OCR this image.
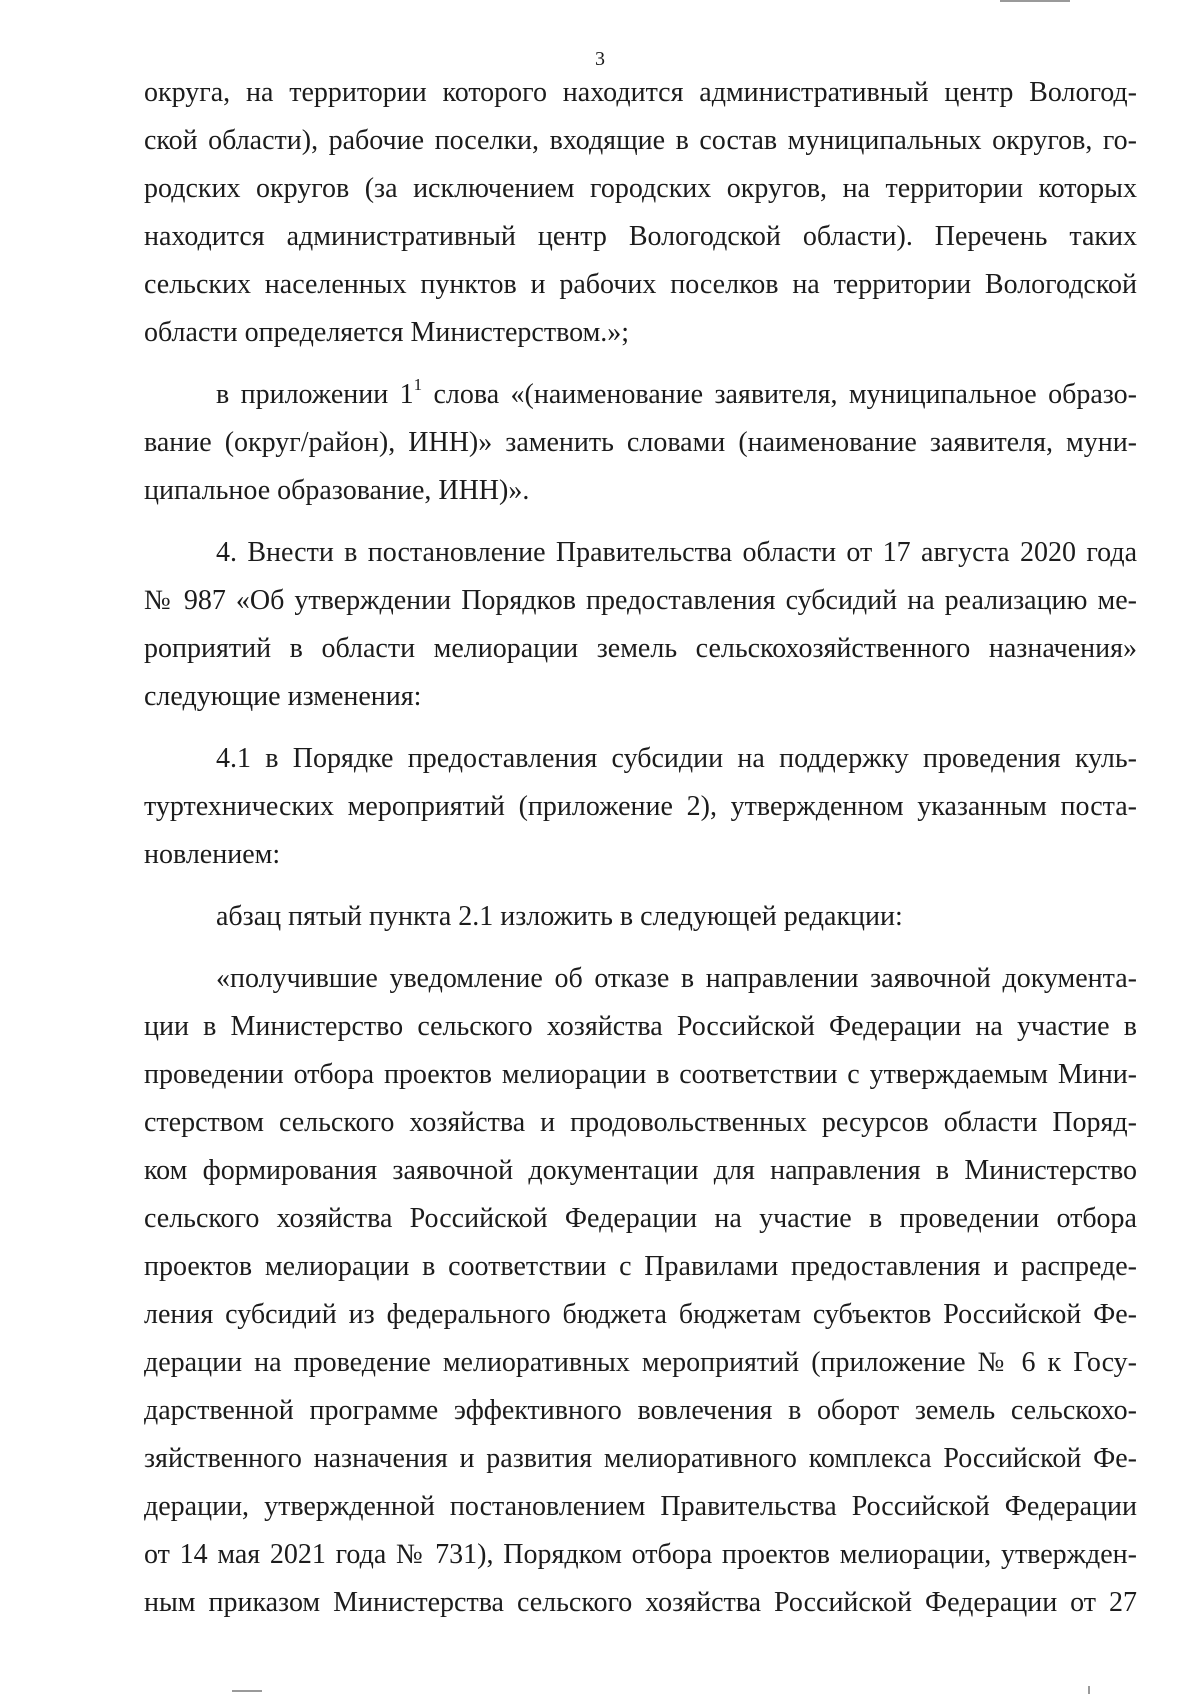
3
округа, на территории которого находится административный центр Вологод-
ской области), рабочие поселки, входящие в состав муниципальных округов, го-
родских округов (за исключением городских округов, на территории которых
находится административный центр Вологодской области). Перечень таких
сельских населенных пунктов и рабочих поселков на территории Вологодской
области определяется Министерством.»;
в приложении $1^1$ слова «(наименование заявителя, муниципальное образо-
вание (округ/район), ИНН)» заменить словами (наименование заявителя, муни-
ципальное образование, ИНН)».
4. Внести в постановление Правительства области от 17 августа 2020 года
№ 987 «Об утверждении Порядков предоставления субсидий на реализацию ме-
роприятий в области мелиорации земель сельскохозяйственного назначения»
следующие изменения:
4.1 в Порядке предоставления субсидии на поддержку проведения куль-
туртехнических мероприятий (приложение 2), утвержденном указанным поста-
новлением:
абзац пятый пункта 2.1 изложить в следующей редакции:
«получившие уведомление об отказе в направлении заявочной документа-
ции в Министерство сельского хозяйства Российской Федерации на участие в
проведении отбора проектов мелиорации в соответствии с утверждаемым Мини-
стерством сельского хозяйства и продовольственных ресурсов области Поряд-
ком формирования заявочной документации для направления в Министерство
сельского хозяйства Российской Федерации на участие в проведении отбора
проектов мелиорации в соответствии с Правилами предоставления и распреде-
ления субсидий из федерального бюджета бюджетам субъектов Российской Фе-
дерации на проведение мелиоративных мероприятий (приложение № 6 к Госу-
дарственной программе эффективного вовлечения в оборот земель сельскохо-
зяйственного назначения и развития мелиоративного комплекса Российской Фе-
дерации, утвержденной постановлением Правительства Российской Федерации
от 14 мая 2021 года № 731), Порядком отбора проектов мелиорации, утвержден-
ным приказом Министерства сельского хозяйства Российской Федерации от 27
